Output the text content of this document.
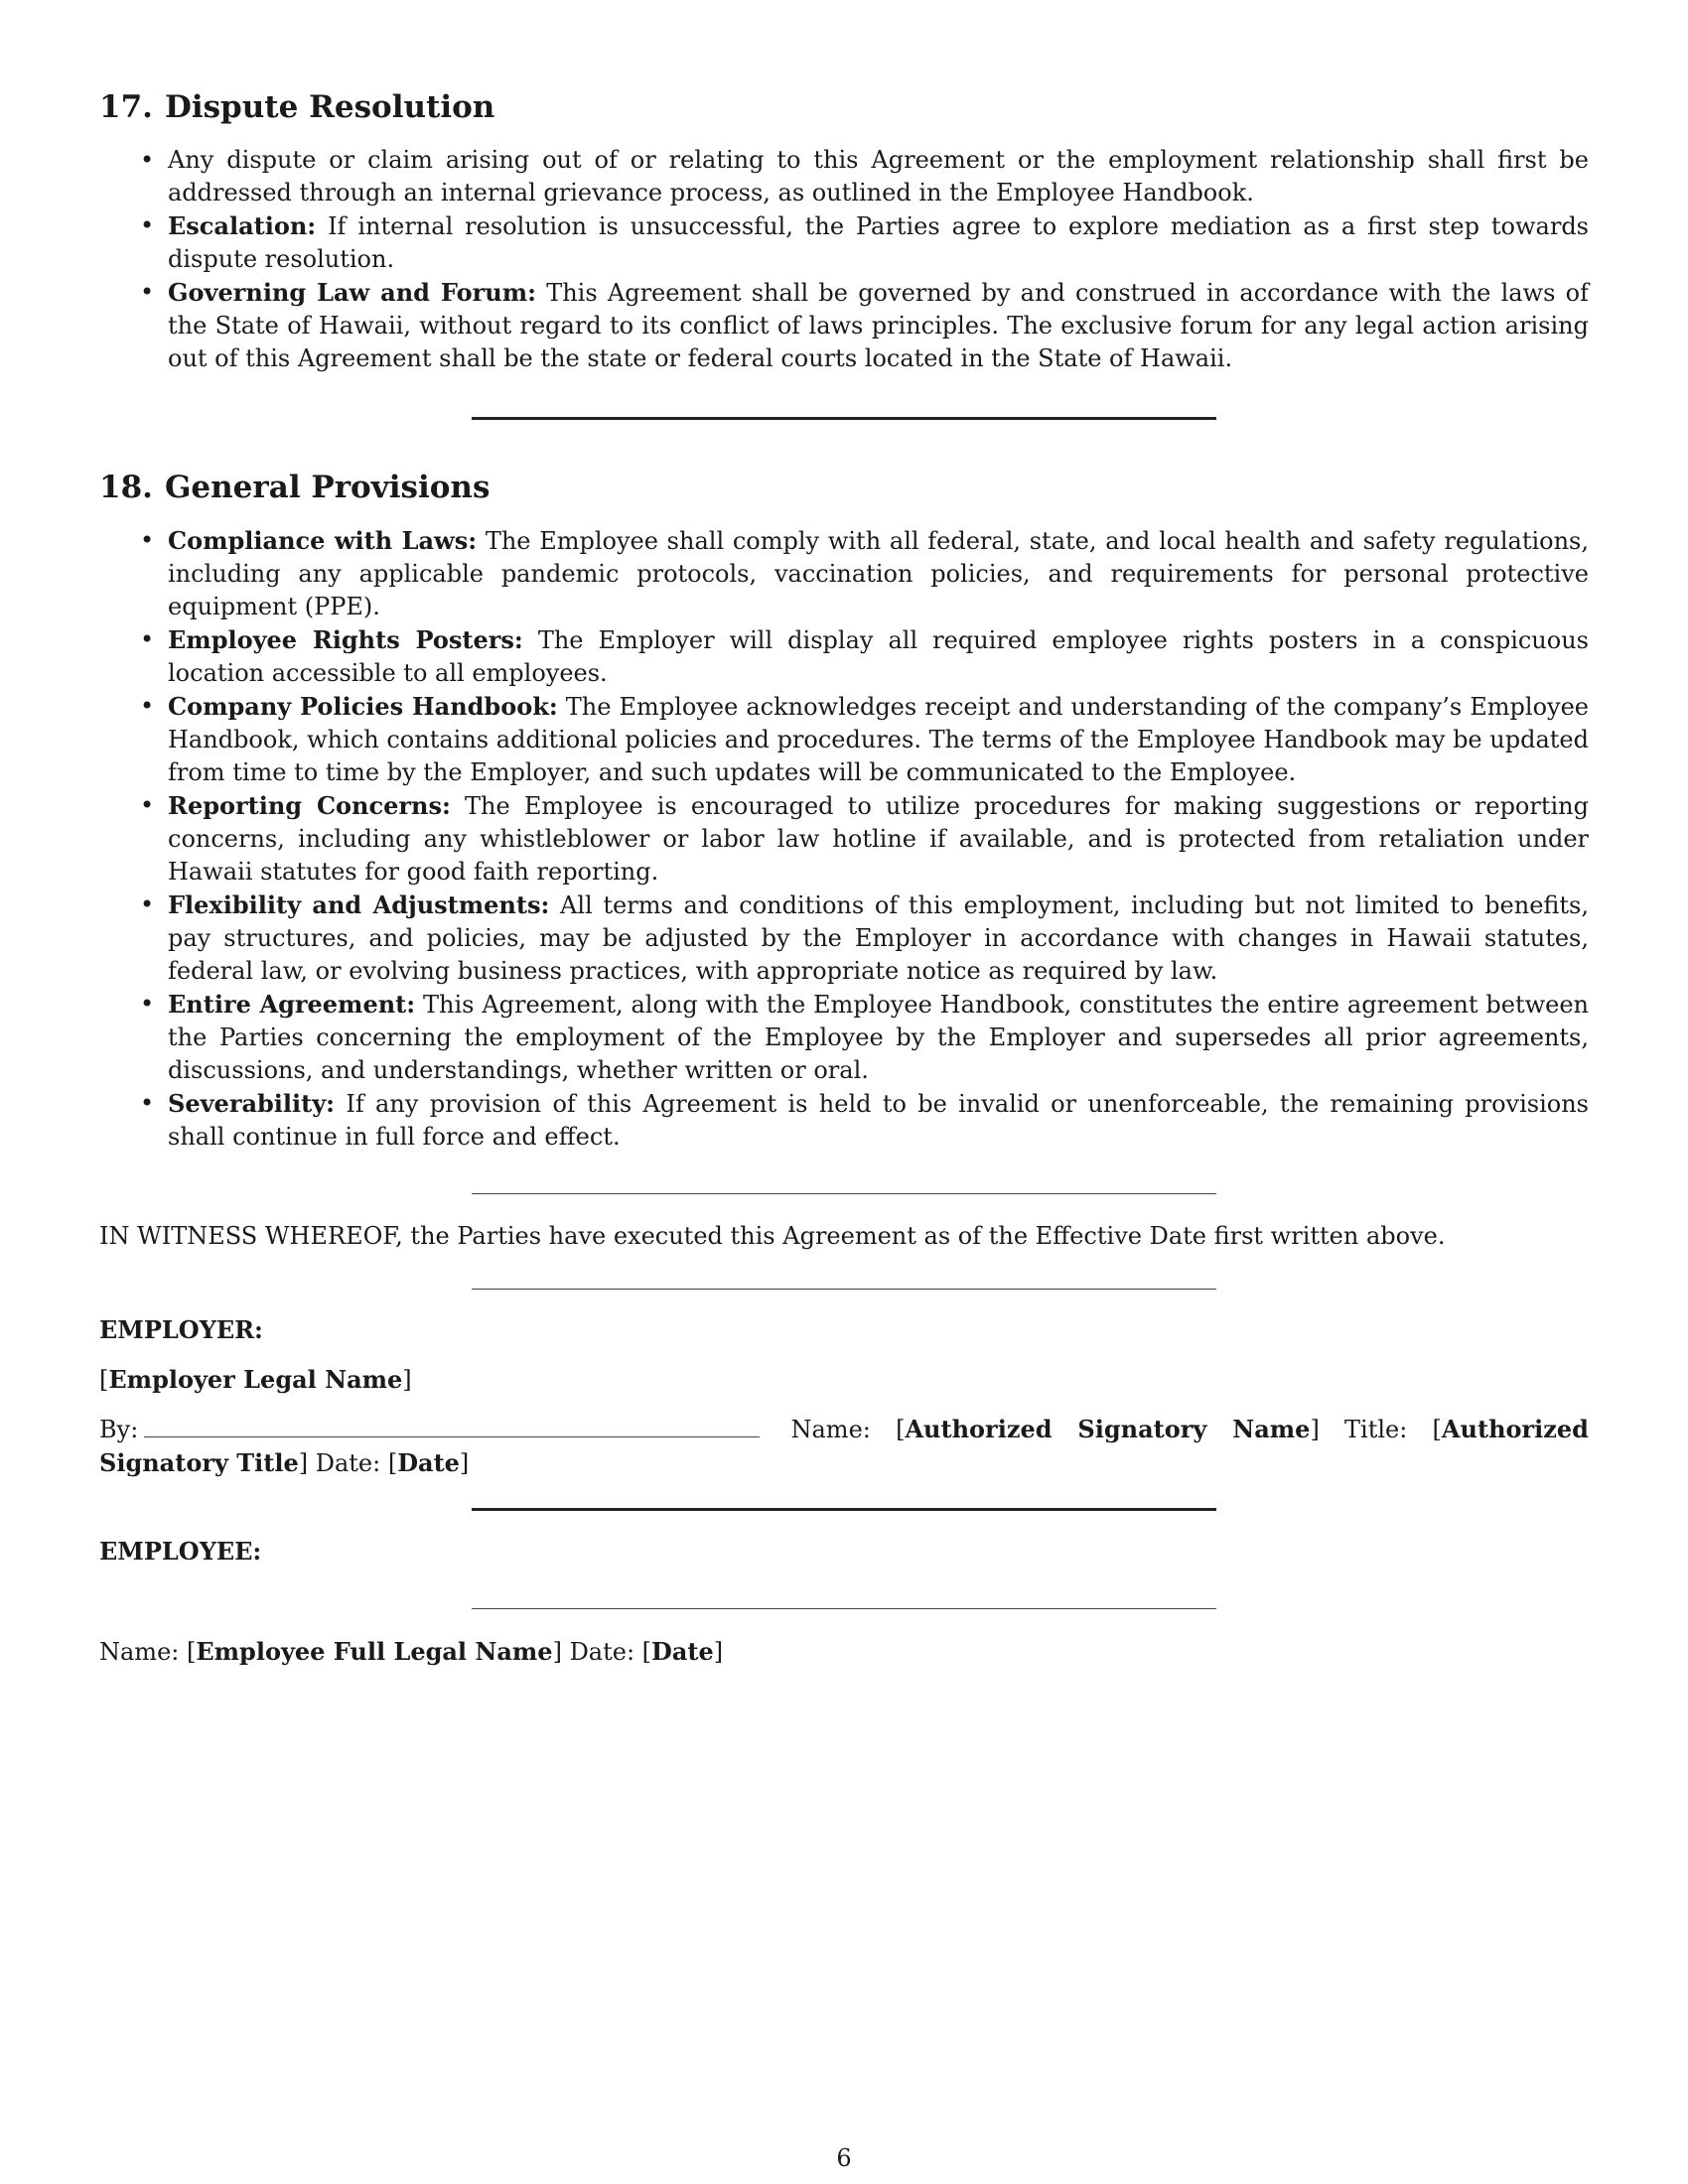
17. Dispute Resolution
• Any dispute or claim arising out of or relating to this Agreement or the employment relationship shall first be addressed through an internal grievance process, as outlined in the Employee Handbook.
• Escalation: If internal resolution is unsuccessful, the Parties agree to explore mediation as a first step towards dispute resolution.
• Governing Law and Forum: This Agreement shall be governed by and construed in accordance with the laws of the State of Hawaii, without regard to its conflict of laws principles. The exclusive forum for any legal action arising out of this Agreement shall be the state or federal courts located in the State of Hawaii.
18. General Provisions
• Compliance with Laws: The Employee shall comply with all federal, state, and local health and safety regulations, including any applicable pandemic protocols, vaccination policies, and requirements for personal protective equipment (PPE).
• Employee Rights Posters: The Employer will display all required employee rights posters in a conspicuous location accessible to all employees.
• Company Policies Handbook: The Employee acknowledges receipt and understanding of the company’s Employee Handbook, which contains additional policies and procedures. The terms of the Employee Handbook may be updated from time to time by the Employer, and such updates will be communicated to the Employee.
• Reporting Concerns: The Employee is encouraged to utilize procedures for making suggestions or reporting concerns, including any whistleblower or labor law hotline if available, and is protected from retaliation under Hawaii statutes for good faith reporting.
• Flexibility and Adjustments: All terms and conditions of this employment, including but not limited to benefits, pay structures, and policies, may be adjusted by the Employer in accordance with changes in Hawaii statutes, federal law, or evolving business practices, with appropriate notice as required by law.
• Entire Agreement: This Agreement, along with the Employee Handbook, constitutes the entire agreement between the Parties concerning the employment of the Employee by the Employer and supersedes all prior agreements, discussions, and understandings, whether written or oral.
• Severability: If any provision of this Agreement is held to be invalid or unenforceable, the remaining provisions shall continue in full force and effect.
IN WITNESS WHEREOF, the Parties have executed this Agreement as of the Effective Date first written above.
EMPLOYER:
[Employer Legal Name]
By:	Name: [Authorized Signatory Name] Title: [Authorized Signatory Title] Date: [Date]
EMPLOYEE:
Name: [Employee Full Legal Name] Date: [Date]
6
